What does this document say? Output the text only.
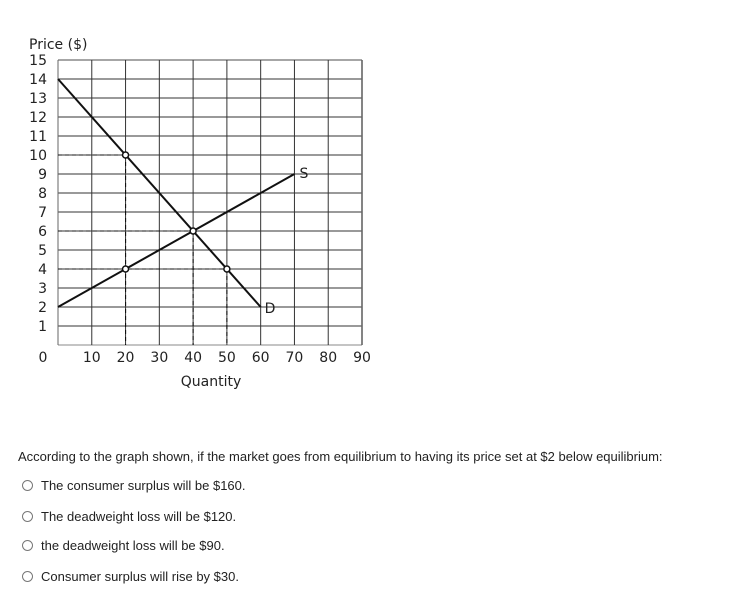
D
S
1
2
3
4
5
6
7
8
9
10
11
12
13
14
15
10 20 30 40 50 60 70 80 90
Price ($)
Quantity
0
According to the graph shown, if the market goes from equilibrium to having its price set at $2 below equilibrium:
The consumer surplus will be $160.
The deadweight loss will be $120.
the deadweight loss will be $90.
Consumer surplus will rise by $30.
